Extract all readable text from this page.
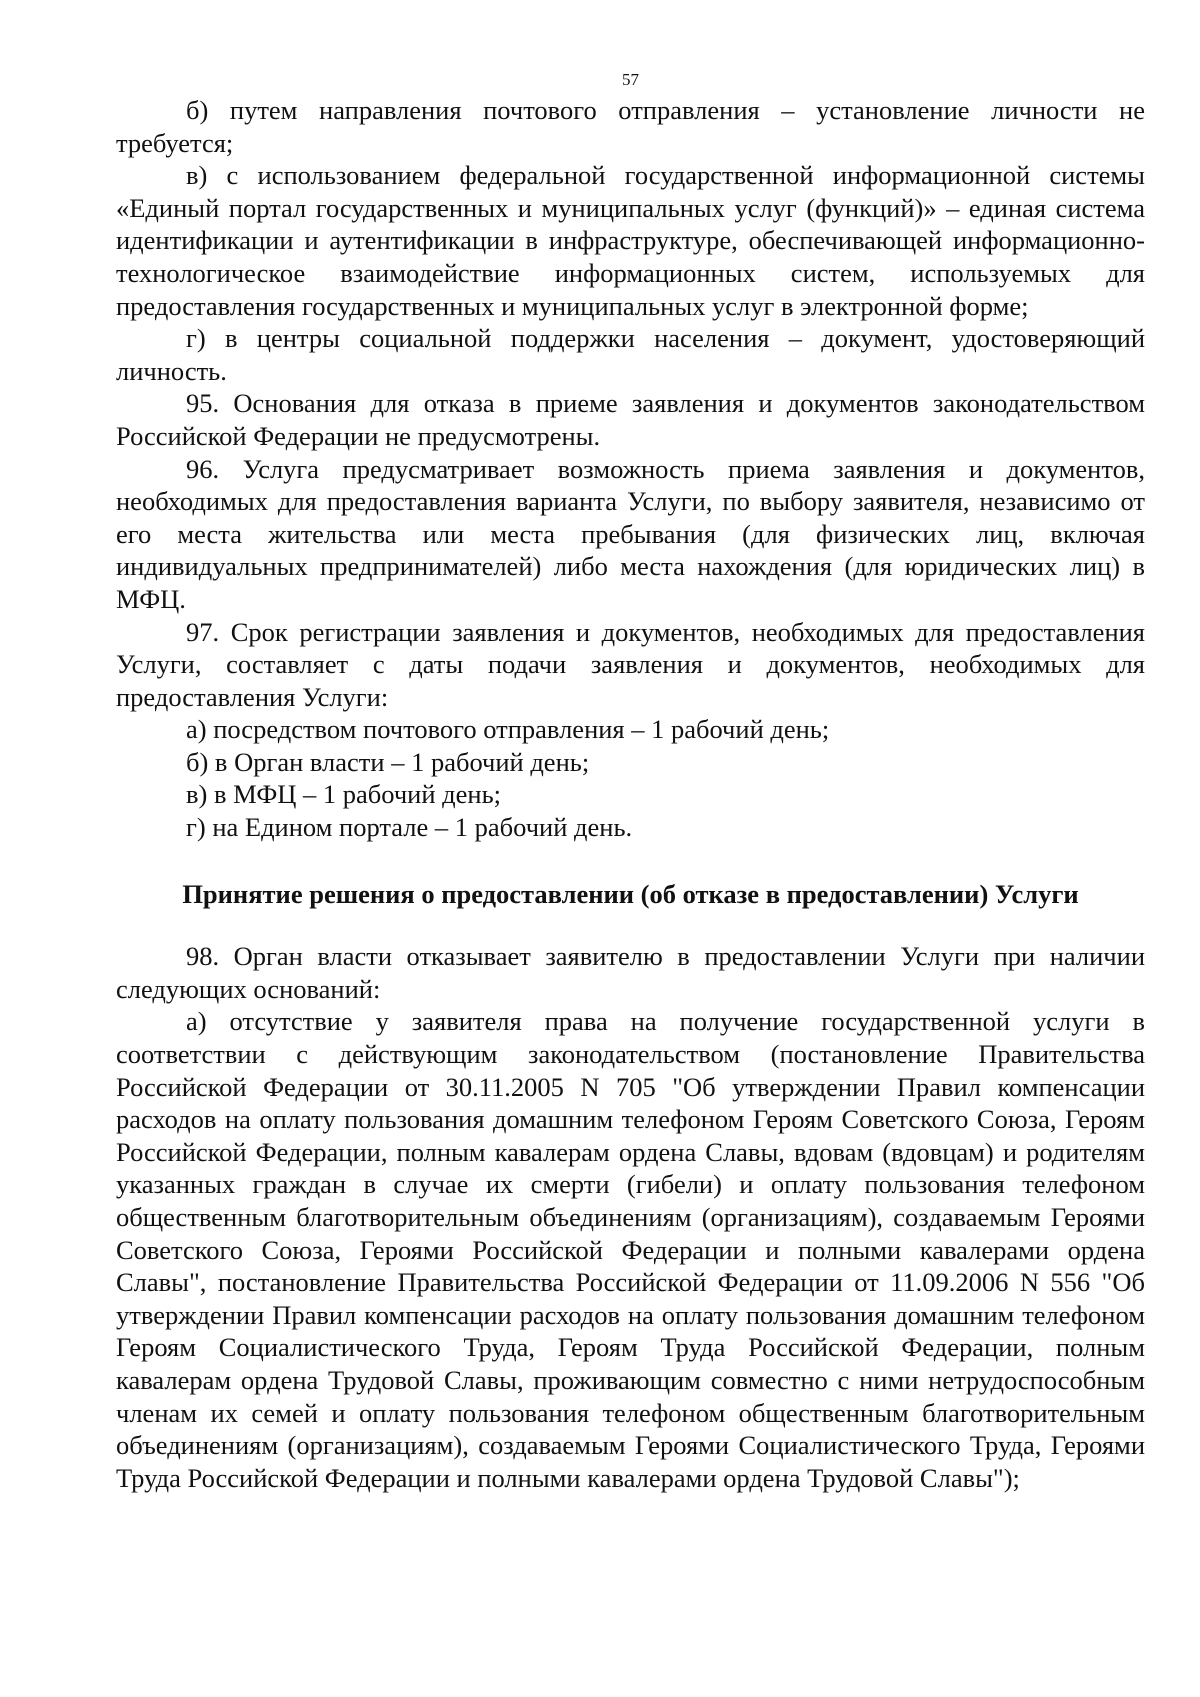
57

б) путем направления почтового отправления – установление личности не требуется;

в) с использованием федеральной государственной информационной системы «Единый портал государственных и муниципальных услуг (функций)» – единая система идентификации и аутентификации в инфраструктуре, обеспечивающей информационно-технологическое взаимодействие информационных систем, используемых для предоставления государственных и муниципальных услуг в электронной форме;

г) в центры социальной поддержки населения – документ, удостоверяющий личность.

95. Основания для отказа в приеме заявления и документов законодательством Российской Федерации не предусмотрены.

96. Услуга предусматривает возможность приема заявления и документов, необходимых для предоставления варианта Услуги, по выбору заявителя, независимо от его места жительства или места пребывания (для физических лиц, включая индивидуальных предпринимателей) либо места нахождения (для юридических лиц) в МФЦ.

97. Срок регистрации заявления и документов, необходимых для предоставления Услуги, составляет с даты подачи заявления и документов, необходимых для предоставления Услуги:

а) посредством почтового отправления – 1 рабочий день;

б) в Орган власти – 1 рабочий день;

в) в МФЦ – 1 рабочий день;

г) на Едином портале – 1 рабочий день.

Принятие решения о предоставлении (об отказе в предоставлении) Услуги

98. Орган власти отказывает заявителю в предоставлении Услуги при наличии следующих оснований:

а) отсутствие у заявителя права на получение государственной услуги в соответствии с действующим законодательством (постановление Правительства Российской Федерации от 30.11.2005 N 705 "Об утверждении Правил компенсации расходов на оплату пользования домашним телефоном Героям Советского Союза, Героям Российской Федерации, полным кавалерам ордена Славы, вдовам (вдовцам) и родителям указанных граждан в случае их смерти (гибели) и оплату пользования телефоном общественным благотворительным объединениям (организациям), создаваемым Героями Советского Союза, Героями Российской Федерации и полными кавалерами ордена Славы", постановление Правительства Российской Федерации от 11.09.2006 N 556 "Об утверждении Правил компенсации расходов на оплату пользования домашним телефоном Героям Социалистического Труда, Героям Труда Российской Федерации, полным кавалерам ордена Трудовой Славы, проживающим совместно с ними нетрудоспособным членам их семей и оплату пользования телефоном общественным благотворительным объединениям (организациям), создаваемым Героями Социалистического Труда, Героями Труда Российской Федерации и полными кавалерами ордена Трудовой Славы");
